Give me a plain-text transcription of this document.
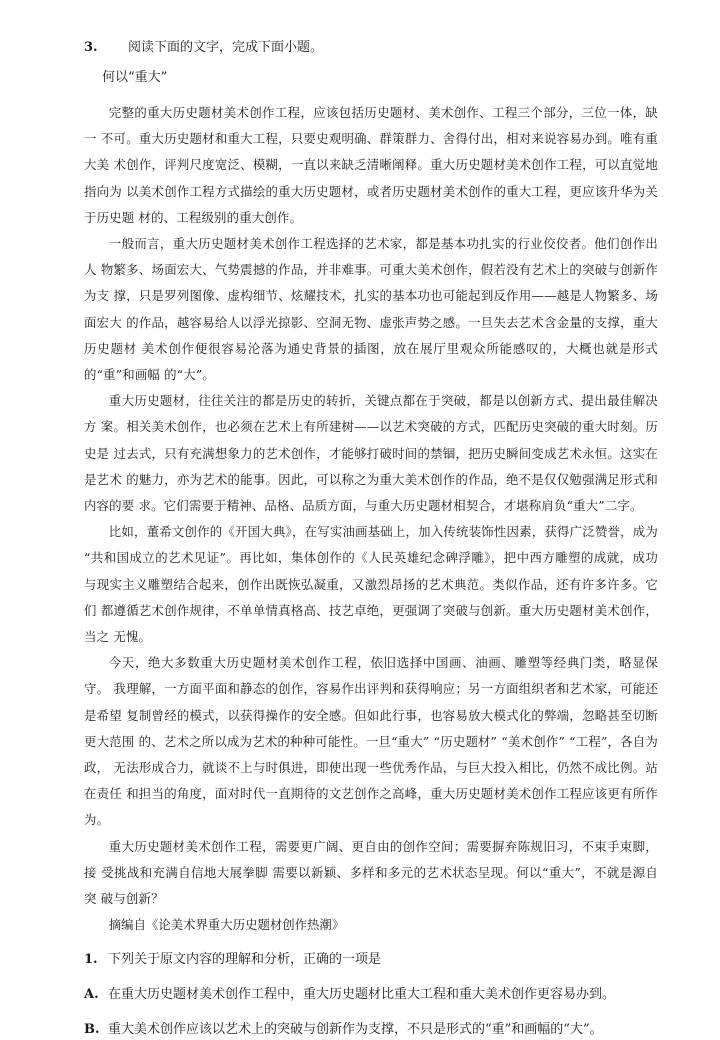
3. 阅读下面的文字，完成下面小题。
何以“重大”

完整的重大历史题材美术创作工程，应该包括历史题材、美术创作、工程三个部分，三位一体，缺一 不可。重大历史题材和重大工程，只要史观明确、群策群力、舍得付出，相对来说容易办到。唯有重大美 术创作，评判尺度宽泛、模糊，一直以来缺乏清晰阐释。重大历史题材美术创作工程，可以直觉地指向为 以美术创作工程方式描绘的重大历史题材，或者历史题材美术创作的重大工程，更应该升华为关于历史题 材的、工程级别的重大创作。

一般而言，重大历史题材美术创作工程选择的艺术家，都是基本功扎实的行业佼佼者。他们创作出人 物繁多、场面宏大、气势震撼的作品，并非难事。可重大美术创作，假若没有艺术上的突破与创新作为支 撑，只是罗列图像、虚构细节、炫耀技术，扎实的基本功也可能起到反作用——越是人物繁多、场面宏大 的作品，越容易给人以浮光掠影、空洞无物、虚张声势之感。一旦失去艺术含金量的支撑，重大历史题材 美术创作便很容易沦落为通史背景的插图，放在展厅里观众所能感叹的，大概也就是形式的“重”和画幅 的“大”。

重大历史题材，往往关注的都是历史的转折，关键点都在于突破，都是以创新方式、提出最佳解决方 案。相关美术创作，也必须在艺术上有所建树——以艺术突破的方式，匹配历史突破的重大时刻。历史是 过去式，只有充满想象力的艺术创作，才能够打破时间的禁锢，把历史瞬间变成艺术永恒。这实在是艺术 的魅力，亦为艺术的能事。因此，可以称之为重大美术创作的作品，绝不是仅仅勉强满足形式和内容的要 求。它们需要于精神、品格、品质方面，与重大历史题材相契合，才堪称肩负“重大”二字。

比如，董希文创作的《开国大典》，在写实油画基础上，加入传统装饰性因素，获得广泛赞誉，成为 “共和国成立的艺术见证”。再比如，集体创作的《人民英雄纪念碑浮雕》，把中西方雕塑的成就，成功 与现实主义雕塑结合起来，创作出既恢弘凝重，又激烈昂扬的艺术典范。类似作品，还有许多许多。它们 都遵循艺术创作规律，不单单情真格高、技艺卓绝，更强调了突破与创新。重大历史题材美术创作，当之 无愧。

今天，绝大多数重大历史题材美术创作工程，依旧选择中国画、油画、雕塑等经典门类，略显保守。 我理解，一方面平面和静态的创作，容易作出评判和获得响应；另一方面组织者和艺术家，可能还是希望 复制曾经的模式，以获得操作的安全感。但如此行事，也容易放大模式化的弊端，忽略甚至切断更大范围 的、艺术之所以成为艺术的种种可能性。一旦“重大” “历史题材” “美术创作” “工程”，各自为政， 无法形成合力，就谈不上与时俱进，即使出现一些优秀作品，与巨大投入相比，仍然不成比例。站在责任 和担当的角度，面对时代一直期待的文艺创作之高峰，重大历史题材美术创作工程应该更有所作为。

重大历史题材美术创作工程，需要更广阔、更自由的创作空间；需要摒弃陈规旧习，不束手束脚，接 受挑战和充满自信地大展拳脚 需要以新颖、多样和多元的艺术状态呈现。何以“重大”，不就是源自突 破与创新？

摘编自《论美术界重大历史题材创作热潮》

1. 下列关于原文内容的理解和分析，正确的一项是
A. 在重大历史题材美术创作工程中，重大历史题材比重大工程和重大美术创作更容易办到。
B. 重大美术创作应该以艺术上的突破与创新作为支撑，不只是形式的“重”和画幅的“大”。
